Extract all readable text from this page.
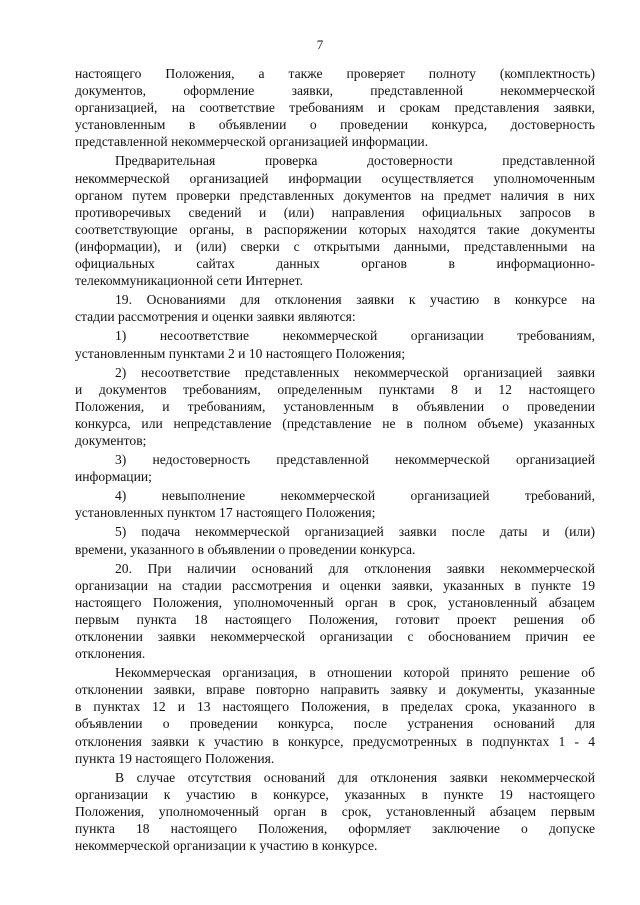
7
настоящего Положения, а также проверяет полноту (комплектность)
документов, оформление заявки, представленной некоммерческой
организацией, на соответствие требованиям и срокам представления заявки,
установленным в объявлении о проведении конкурса, достоверность
представленной некоммерческой организацией информации.
Предварительная проверка достоверности представленной
некоммерческой организацией информации осуществляется уполномоченным
органом путем проверки представленных документов на предмет наличия в них
противоречивых сведений и (или) направления официальных запросов в
соответствующие органы, в распоряжении которых находятся такие документы
(информации), и (или) сверки с открытыми данными, представленными на
официальных сайтах данных органов в информационно-
телекоммуникационной сети Интернет.
19. Основаниями для отклонения заявки к участию в конкурсе на
стадии рассмотрения и оценки заявки являются:
1) несоответствие некоммерческой организации требованиям,
установленным пунктами 2 и 10 настоящего Положения;
2) несоответствие представленных некоммерческой организацией заявки
и документов требованиям, определенным пунктами 8 и 12 настоящего
Положения, и требованиям, установленным в объявлении о проведении
конкурса, или непредставление (представление не в полном объеме) указанных
документов;
3) недостоверность представленной некоммерческой организацией
информации;
4) невыполнение некоммерческой организацией требований,
установленных пунктом 17 настоящего Положения;
5) подача некоммерческой организацией заявки после даты и (или)
времени, указанного в объявлении о проведении конкурса.
20. При наличии оснований для отклонения заявки некоммерческой
организации на стадии рассмотрения и оценки заявки, указанных в пункте 19
настоящего Положения, уполномоченный орган в срок, установленный абзацем
первым пункта 18 настоящего Положения, готовит проект решения об
отклонении заявки некоммерческой организации с обоснованием причин ее
отклонения.
Некоммерческая организация, в отношении которой принято решение об
отклонении заявки, вправе повторно направить заявку и документы, указанные
в пунктах 12 и 13 настоящего Положения, в пределах срока, указанного в
объявлении о проведении конкурса, после устранения оснований для
отклонения заявки к участию в конкурсе, предусмотренных в подпунктах 1 - 4
пункта 19 настоящего Положения.
В случае отсутствия оснований для отклонения заявки некоммерческой
организации к участию в конкурсе, указанных в пункте 19 настоящего
Положения, уполномоченный орган в срок, установленный абзацем первым
пункта 18 настоящего Положения, оформляет заключение о допуске
некоммерческой организации к участию в конкурсе.
